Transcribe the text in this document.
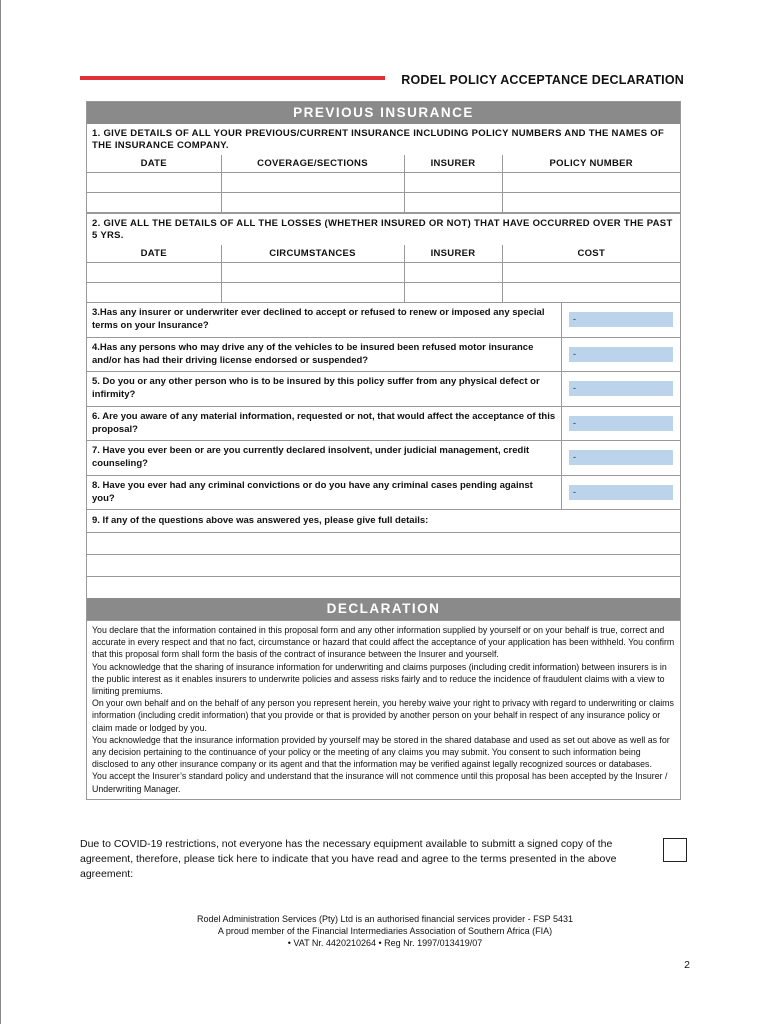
RODEL POLICY ACCEPTANCE DECLARATION
PREVIOUS INSURANCE
1. GIVE DETAILS OF ALL YOUR PREVIOUS/CURRENT INSURANCE INCLUDING POLICY NUMBERS AND THE NAMES OF THE INSURANCE COMPANY.
DATE	COVERAGE/SECTIONS	INSURER	POLICY NUMBER

2. GIVE ALL THE DETAILS OF ALL THE LOSSES (WHETHER INSURED OR NOT) THAT HAVE OCCURRED OVER THE PAST 5 YRS.
DATE	CIRCUMSTANCES	INSURER	COST

3.Has any insurer or underwriter ever declined to accept or refused to renew or imposed any special terms on your Insurance?
-
4.Has any persons who may drive any of the vehicles to be insured been refused motor insurance and/or has had their driving license endorsed or suspended?
-
5. Do you or any other person who is to be insured by this policy suffer from any physical defect or infirmity?
-
6. Are you aware of any material information, requested or not, that would affect the acceptance of this proposal?
-
7. Have you ever been or are you currently declared insolvent, under judicial management, credit counseling?
-
8. Have you ever had any criminal convictions or do you have any criminal cases pending against you?
-
9. If any of the questions above was answered yes, please give full details:
DECLARATION

You declare that the information contained in this proposal form and any other information supplied by yourself or on your behalf is true, correct and accurate in every respect and that no fact, circumstance or hazard that could affect the acceptance of your application has been withheld. You confirm that this proposal form shall form the basis of the contract of insurance between the Insurer and yourself.

You acknowledge that the sharing of insurance information for underwriting and claims purposes (including credit information) between insurers is in the public interest as it enables insurers to underwrite policies and assess risks fairly and to reduce the incidence of fraudulent claims with a view to limiting premiums.

On your own behalf and on the behalf of any person you represent herein, you hereby waive your right to privacy with regard to underwriting or claims information (including credit information) that you provide or that is provided by another person on your behalf in respect of any insurance policy or claim made or lodged by you.

You acknowledge that the insurance information provided by yourself may be stored in the shared database and used as set out above as well as for any decision pertaining to the continuance of your policy or the meeting of any claims you may submit. You consent to such information being disclosed to any other insurance company or its agent and that the information may be verified against legally recognized sources or databases.

You accept the Insurer’s standard policy and understand that the insurance will not commence until this proposal has been accepted by the Insurer / Underwriting Manager.

Due to COVID-19 restrictions, not everyone has the necessary equipment available to submitt a signed copy of the agreement, therefore, please tick here to indicate that you have read and agree to the terms presented in the above agreement:
Rodel Administration Services (Pty) Ltd is an authorised financial services provider - FSP 5431
A proud member of the Financial Intermediaries Association of Southern Africa (FIA)
• VAT Nr. 4420210264 • Reg Nr. 1997/013419/07
2
